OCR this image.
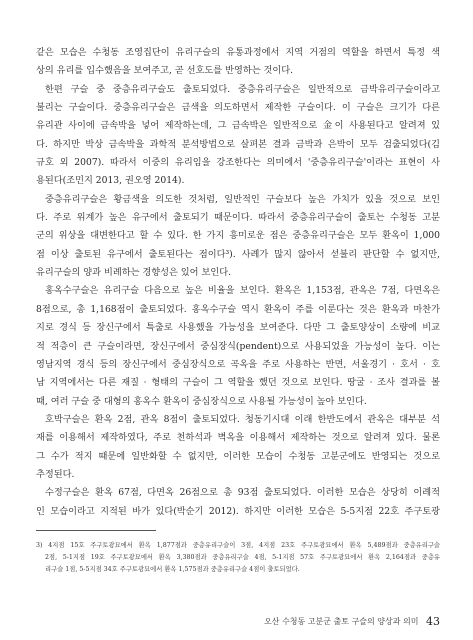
같은 모습은 수청동 조영집단이 유리구슬의 유통과정에서 지역 거점의 역할을 하면서 특정 색
상의 유리를 입수했음을 보여주고, 곧 선호도를 반영하는 것이다.
한편 구슬 중 중층유리구슬도 출토되었다. 중층유리구슬은 일반적으로 금박유리구슬이라고
불리는 구슬이다. 중층유리구슬은 금색을 의도하면서 제작한 구슬이다. 이 구슬은 크기가 다른
유리관 사이에 금속박을 넣어 제작하는데, 그 금속박은 일반적으로 金이 사용된다고 알려져 있
다. 하지만 박상 금속박을 과학적 분석방법으로 살펴본 결과 금박과 은박이 모두 검출되었다(김
규호 외 2007). 따라서 이중의 유리임을 강조한다는 의미에서 '중층유리구슬'이라는 표현이 사
용된다(조민지 2013, 권오영 2014).
중층유리구슬은 황금색을 의도한 것처럼, 일반적인 구슬보다 높은 가치가 있을 것으로 보인
다. 주로 위계가 높은 유구에서 출토되기 때문이다. 따라서 중층유리구슬이 출토는 수청동 고분
군의 위상을 대변한다고 할 수 있다. 한 가지 흥미로운 점은 중층유리구슬은 모두 환옥이 1,000
점 이상 출토된 유구에서 출토된다는 점이다³). 사례가 많지 않아서 섣불리 판단할 수 없지만,
유리구슬의 양과 비례하는 경향성은 있어 보인다.
홍옥수구슬은 유리구슬 다음으로 높은 비율을 보인다. 환옥은 1,153점, 관옥은 7점, 다면옥은
8점으로, 총 1,168점이 출토되었다. 홍옥수구슬 역시 환옥이 주를 이룬다는 것은 환옥과 마찬가
지로 경식 등 장신구에서 특출로 사용했을 가능성을 보여준다. 다만 그 출토양상이 소량에 비교
적 적층이 큰 구슬이라면, 장신구에서 중심장식(pendent)으로 사용되었을 가능성이 높다. 이는
영남지역 경식 등의 장신구에서 중심장식으로 곡옥을 주로 사용하는 반면, 서울경기 · 호서 · 호
남 지역에서는 다른 재질 · 형태의 구슬이 그 역할을 했던 것으로 보인다. 땅굴 · 조사 결과를 볼
때, 여러 구슬 중 대형의 홍옥수 환옥이 중심장식으로 사용될 가능성이 높아 보인다.
호박구슬은 환옥 2점, 관옥 8점이 출토되었다. 청동기시대 이래 한반도에서 관옥은 대부분 석
재를 이용해서 제작하였다, 주로 천하석과 벽옥을 이용해서 제작하는 것으로 알려져 있다. 물론
그 수가 적지 때문에 일반화할 수 없지만, 이러한 모습이 수청동 고분군에도 반영되는 것으로
추정된다.
수정구슬은 환옥 67점, 다면옥 26점으로 총 93점 출토되었다. 이러한 모습은 상당히 이례적
인 모습이라고 지적된 바가 있다(박순기 2012). 하지만 이러한 모습은 5-5지점 22호 주구토광
3) 4지점 15호 주구토광묘에서 환옥 1,877점과 중층유리구슬이 3점, 4지점 23호 주구토광묘에서 환옥 5,489점과 중층유리구슬
2점, 5-1지점 19호 주구토광묘에서 환옥 3,380점과 중층유리구슬 4점, 5-1지점 57호 주구토광묘에서 환옥 2,164점과 중층유
리구슬 1점, 5-5지점 34호 주구토광묘에서 환옥 1,575점과 중층유리구슬 4점이 출토되었다.
오산 수청동 고분군 출토 구슬의 양상과 의미 43
